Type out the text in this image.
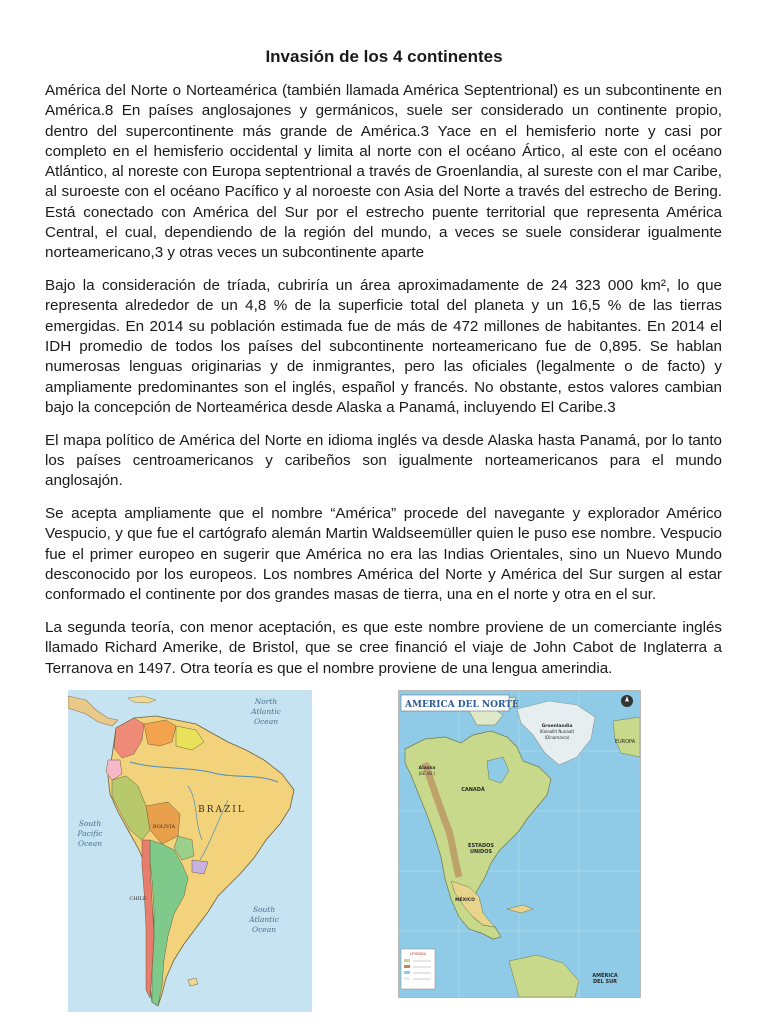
Invasión de los 4 continentes

América del Norte o Norteamérica (también llamada América Septentrional) es un subcontinente en América.8 En países anglosajones y germánicos, suele ser considerado un continente propio, dentro del supercontinente más grande de América.3 Yace en el hemisferio norte y casi por completo en el hemisferio occidental y limita al norte con el océano Ártico, al este con el océano Atlántico, al noreste con Europa septentrional a través de Groenlandia, al sureste con el mar Caribe, al suroeste con el océano Pacífico y al noroeste con Asia del Norte a través del estrecho de Bering. Está conectado con América del Sur por el estrecho puente territorial que representa América Central, el cual, dependiendo de la región del mundo, a veces se suele considerar igualmente norteamericano,3 y otras veces un subcontinente aparte

Bajo la consideración de tríada, cubriría un área aproximadamente de 24 323 000 km², lo que representa alrededor de un 4,8 % de la superficie total del planeta y un 16,5 % de las tierras emergidas. En 2014 su población estimada fue de más de 472 millones de habitantes. En 2014 el IDH promedio de todos los países del subcontinente norteamericano fue de 0,895. Se hablan numerosas lenguas originarias y de inmigrantes, pero las oficiales (legalmente o de facto) y ampliamente predominantes son el inglés, español y francés. No obstante, estos valores cambian bajo la concepción de Norteamérica desde Alaska a Panamá, incluyendo El Caribe.3

El mapa político de América del Norte en idioma inglés va desde Alaska hasta Panamá, por lo tanto los países centroamericanos y caribeños son igualmente norteamericanos para el mundo anglosajón.

Se acepta ampliamente que el nombre “América” procede del navegante y explorador Américo Vespucio, y que fue el cartógrafo alemán Martin Waldseemüller quien le puso ese nombre. Vespucio fue el primer europeo en sugerir que América no era las Indias Orientales, sino un Nuevo Mundo desconocido por los europeos. Los nombres América del Norte y América del Sur surgen al estar conformado el continente por dos grandes masas de tierra, una en el norte y otra en el sur.

La segunda teoría, con menor aceptación, es que este nombre proviene de un comerciante inglés llamado Richard Amerike, de Bristol, que se cree financió el viaje de John Cabot de Inglaterra a Terranova en 1497. Otra teoría es que el nombre proviene de una lengua amerindia.

North
Atlantic
Ocean
South
Pacific
Ocean
South
Atlantic
Ocean
BRAZIL
BOLIVIA
CHILE
AMERICA DEL NORTE
Groenlandia
(Kalaallit Nunaat)
(Dinamarca)
Alaska
(EE.UU.)
CANADÁ
ESTADOS
UNIDOS
MÉXICO
EUROPA
AMÉRICA
DEL SUR
LEYENDA
